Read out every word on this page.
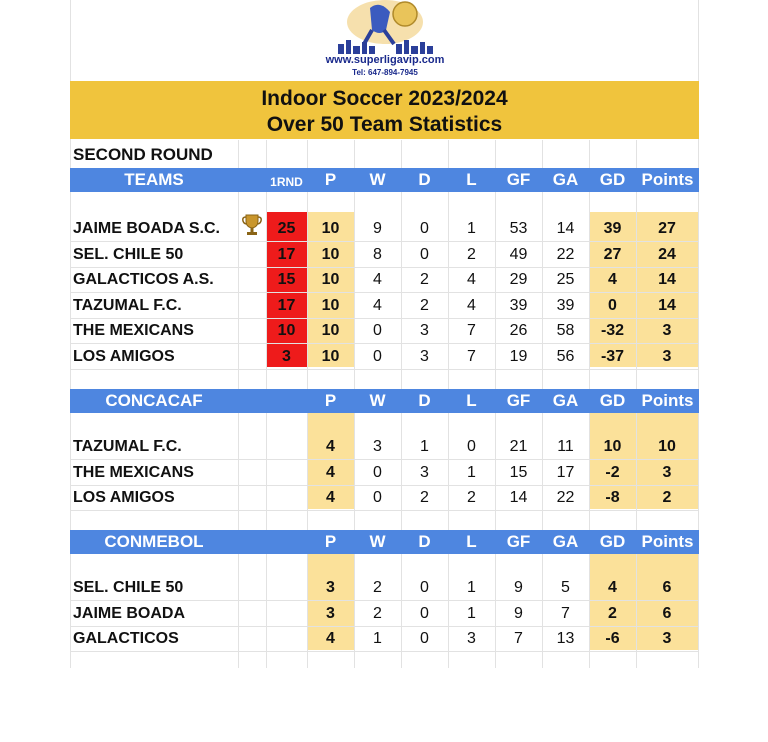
www.superligavip.com
Tel: 647-894-7945
Indoor Soccer 2023/2024
Over 50 Team Statistics
SECOND ROUND
TEAMS	1RND	P	W	D	L	GF	GA	GD Points
JAIME BOADA S.C.	25	10	9	0	1	53	14	39	27
SEL. CHILE 50	17	10	8	0	2	49	22	27	24
GALACTICOS A.S.	15	10	4	2	4	29	25	4	14
TAZUMAL F.C.	17	10	4	2	4	39	39	0	14
THE MEXICANS	10	10	0	3	7	26	58	-32	3
LOS AMIGOS	3	10	0	3	7	19	56	-37	3
CONCACAF	P	W	D	L	GF	GA	GD Points
TAZUMAL F.C.	4	3	1	0	21	11	10	10
THE MEXICANS	4	0	3	1	15	17	-2	3
LOS AMIGOS	4	0	2	2	14	22	-8	2
CONMEBOL	P	W	D	L	GF	GA	GD Points
SEL. CHILE 50	3	2	0	1	9	5	4	6
JAIME BOADA	3	2	0	1	9	7	2	6
GALACTICOS	4	1	0	3	7	13	-6	3
